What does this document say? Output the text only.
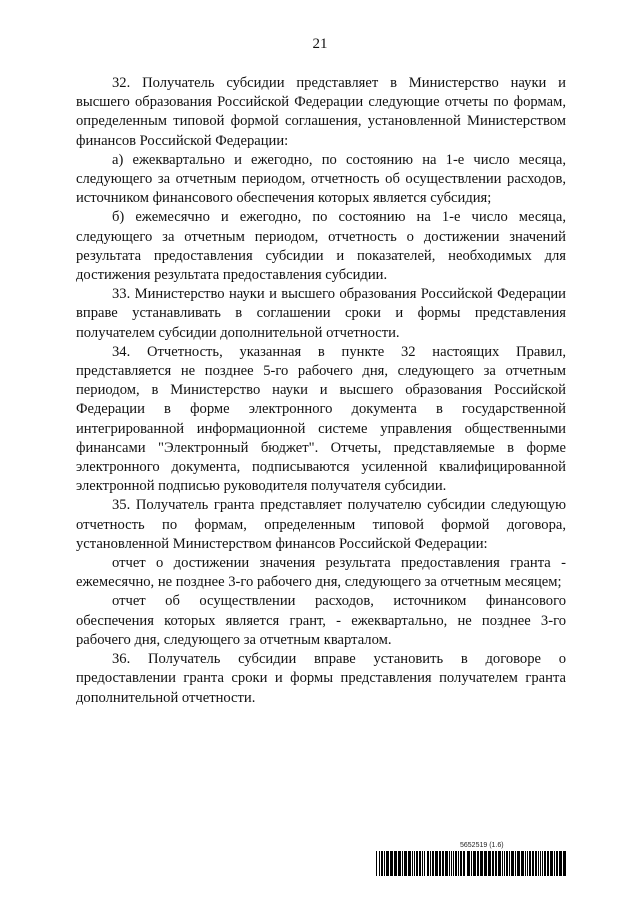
21

32. Получатель субсидии представляет в Министерство науки и высшего образования Российской Федерации следующие отчеты по формам, определенным типовой формой соглашения, установленной Министерством финансов Российской Федерации:

а) ежеквартально и ежегодно, по состоянию на 1-е число месяца, следующего за отчетным периодом, отчетность об осуществлении расходов, источником финансового обеспечения которых является субсидия;

б) ежемесячно и ежегодно, по состоянию на 1-е число месяца, следующего за отчетным периодом, отчетность о достижении значений результата предоставления субсидии и показателей, необходимых для достижения результата предоставления субсидии.

33. Министерство науки и высшего образования Российской Федерации вправе устанавливать в соглашении сроки и формы представления получателем субсидии дополнительной отчетности.

34. Отчетность, указанная в пункте 32 настоящих Правил, представляется не позднее 5-го рабочего дня, следующего за отчетным периодом, в Министерство науки и высшего образования Российской Федерации в форме электронного документа в государственной интегрированной информационной системе управления общественными финансами "Электронный бюджет". Отчеты, представляемые в форме электронного документа, подписываются усиленной квалифицированной электронной подписью руководителя получателя субсидии.

35. Получатель гранта представляет получателю субсидии следующую отчетность по формам, определенным типовой формой договора, установленной Министерством финансов Российской Федерации:

отчет о достижении значения результата предоставления гранта - ежемесячно, не позднее 3-го рабочего дня, следующего за отчетным месяцем;

отчет об осуществлении расходов, источником финансового обеспечения которых является грант, - ежеквартально, не позднее 3-го рабочего дня, следующего за отчетным кварталом.

36. Получатель субсидии вправе установить в договоре о предоставлении гранта сроки и формы представления получателем гранта дополнительной отчетности.

5652519 (1.6)
